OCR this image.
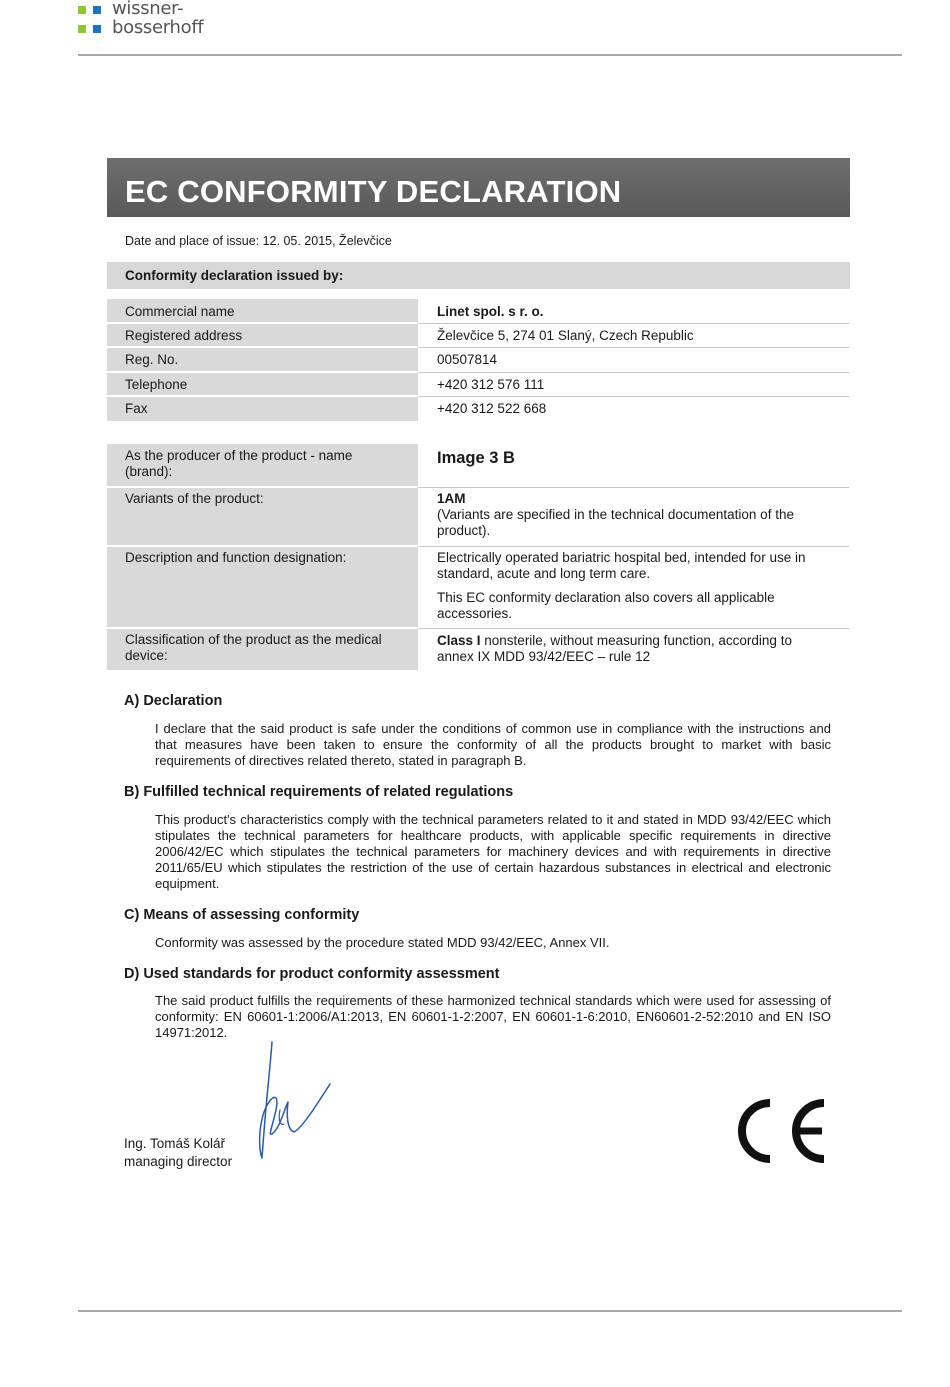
wissner-
bosserhoff
EC CONFORMITY DECLARATION
Date and place of issue: 12. 05. 2015, Želevčice
Conformity declaration issued by:
Commercial name
Registered address
Reg. No.
Telephone
Fax
Linet spol. s r. o.
Želevčice 5, 274 01 Slaný, Czech Republic
00507814
+420 312 576 111
+420 312 522 668
As the producer of the product - name (brand):
Variants of the product:
Description and function designation:
Classification of the product as the medical device:
Image 3 B
1AM
(Variants are specified in the technical documentation of the product).
Electrically operated bariatric hospital bed, intended for use in standard, acute and long term care.
This EC conformity declaration also covers all applicable accessories.
Class I nonsterile, without measuring function, according to annex IX MDD 93/42/EEC – rule 12
A) Declaration
I declare that the said product is safe under the conditions of common use in compliance with the instructions and that measures have been taken to ensure the conformity of all the products brought to market with basic requirements of directives related thereto, stated in paragraph B.
B) Fulfilled technical requirements of related regulations
This product's characteristics comply with the technical parameters related to it and stated in MDD 93/42/EEC which stipulates the technical parameters for healthcare products, with applicable specific requirements in directive 2006/42/EC which stipulates the technical parameters for machinery devices and with requirements in directive 2011/65/EU which stipulates the restriction of the use of certain hazardous substances in electrical and electronic equipment.
C) Means of assessing conformity
Conformity was assessed by the procedure stated MDD 93/42/EEC, Annex VII.
D) Used standards for product conformity assessment
The said product fulfills the requirements of these harmonized technical standards which were used for assessing of conformity: EN 60601-1:2006/A1:2013, EN 60601-1-2:2007, EN 60601-1-6:2010, EN60601-2-52:2010 and EN ISO 14971:2012.
Ing. Tomáš Kolář
managing director
